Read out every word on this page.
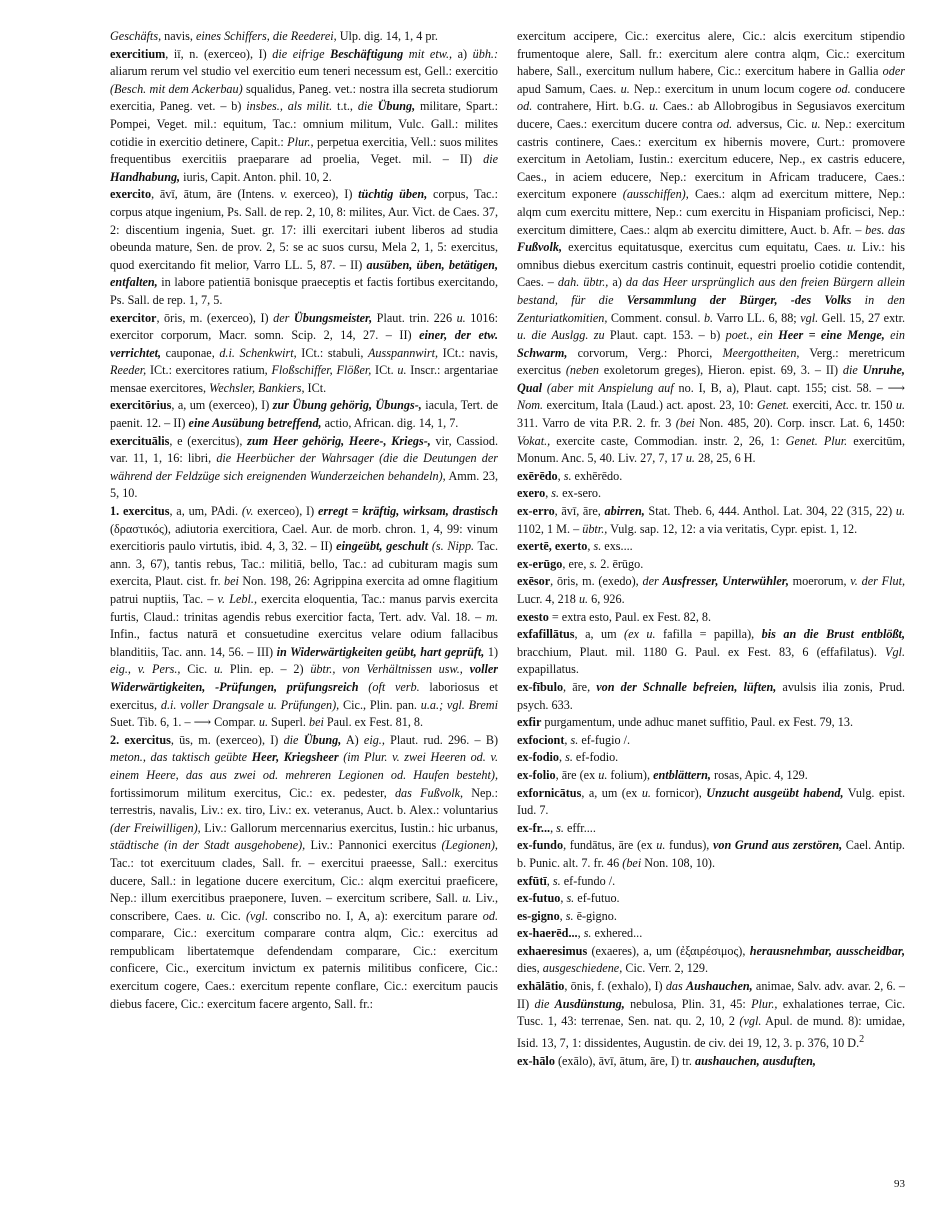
Geschäfts, navis, eines Schiffers, die Reederei, Ulp. dig. 14, 1, 4 pr.

exercitium, iī, n. (exerceo), I) die eifrige Beschäftigung mit etw., a) übh.: aliarum rerum vel studio vel exercitio eum teneri necessum est, Gell.: exercitio (Besch. mit dem Ackerbau) squalidus, Paneg. vet.: nostra illa secreta studiorum exercitia, Paneg. vet. – b) insbes., als milit. t.t., die Übung, militare, Spart.: Pompei, Veget. mil.: equitum, Tac.: omnium militum, Vulc. Gall.: milites cotidie in exercitio detinere, Capit.: Plur., perpetua exercitia, Vell.: suos milites frequentibus exercitiis praeparare ad proelia, Veget. mil. – II) die Handhabung, iuris, Capit. Anton. phil. 10, 2.

exercito, āvī, ātum, āre (Intens. v. exerceo), I) tüchtig üben, corpus, Tac.: corpus atque ingenium, Ps. Sall. de rep. 2, 10, 8: milites, Aur. Vict. de Caes. 37, 2: discentium ingenia, Suet. gr. 17: illi exercitari iubent liberos ad studia obeunda mature, Sen. de prov. 2, 5: se ac suos cursu, Mela 2, 1, 5: exercitus, quod exercitando fit melior, Varro LL. 5, 87. – II) ausüben, üben, betätigen, entfalten, in labore patientiā bonisque praeceptis et factis fortibus exercitando, Ps. Sall. de rep. 1, 7, 5.

exercitor, ōris, m. (exerceo), I) der Übungsmeister, Plaut. trin. 226 u. 1016: exercitor corporum, Macr. somn. Scip. 2, 14, 27. – II) einer, der etw. verrichtet, cauponae, d.i. Schenkwirt, ICt.: stabuli, Ausspannwirt, ICt.: navis, Reeder, ICt.: exercitores ratium, Floßschiffer, Flößer, ICt. u. Inscr.: argentariae mensae exercitores, Wechsler, Bankiers, ICt.

exercitōrius, a, um (exerceo), I) zur Übung gehörig, Übungs-, iacula, Tert. de paenit. 12. – II) eine Ausübung betreffend, actio, African. dig. 14, 1, 7.

exercituālis, e (exercitus), zum Heer gehörig, Heere-, Kriegs-, vir, Cassiod. var. 11, 1, 16: libri, die Heerbücher der Wahrsager (die die Deutungen der während der Feldzüge sich ereignenden Wunderzeichen behandeln), Amm. 23, 5, 10.

1. exercitus, a, um, PAdi. (v. exerceo), I) erregt = kräftig, wirksam, drastisch (δραστικός), adiutoria exercitiora, Cael. Aur. de morb. chron. 1, 4, 99: vinum exercitioris paulo virtutis, ibid. 4, 3, 32. – II) eingeübt, geschult (s. Nipp. Tac. ann. 3, 67), tantis rebus, Tac.: militiā, bello, Tac.: ad cubituram magis sum exercita, Plaut. cist. fr. bei Non. 198, 26: Agrippina exercita ad omne flagitium patrui nuptiis, Tac. – v. Lebl., exercita eloquentia, Tac.: manus parvis exercita furtis, Claud.: trinitas agendis rebus exercitior facta, Tert. adv. Val. 18. – m. Infin., factus naturā et consuetudine exercitus velare odium fallacibus blanditiis, Tac. ann. 14, 56. – III) in Widerwärtigkeiten geübt, hart geprüft, 1) eig., v. Pers., Cic. u. Plin. ep. – 2) übtr., von Verhältnissen usw., voller Widerwärtigkeiten, -Prüfungen, prüfungsreich (oft verb. laboriosus et exercitus, d.i. voller Drangsale u. Prüfungen), Cic., Plin. pan. u.a.; vgl. Bremi Suet. Tib. 6, 1. – ⟶ Compar. u. Superl. bei Paul. ex Fest. 81, 8.

2. exercitus, ūs, m. (exerceo), I) die Übung, A) eig., Plaut. rud. 296. – B) meton., das taktisch geübte Heer, Kriegsheer (im Plur. v. zwei Heeren od. v. einem Heere, das aus zwei od. mehreren Legionen od. Haufen besteht), fortissimorum militum exercitus, Cic.: ex. pedester, das Fußvolk, Nep.: terrestris, navalis, Liv.: ex. tiro, Liv.: ex. veteranus, Auct. b. Alex.: voluntarius (der Freiwilligen), Liv.: Gallorum mercennarius exercitus, Iustin.: hic urbanus, städtische (in der Stadt ausgehobene), Liv.: Pannonici exercitus (Legionen), Tac.: tot exercituum clades, Sall. fr. – exercitui praeesse, Sall.: exercitus ducere, Sall.: in legatione ducere exercitum, Cic.: alqm exercitui praeficere, Nep.: illum exercitibus praeponere, Iuven. – exercitum scribere, Sall. u. Liv., conscribere, Caes. u. Cic. (vgl. conscribo no. I, A, a): exercitum parare od. comparare, Cic.: exercitum comparare contra alqm, Cic.: exercitus ad rempublicam libertatemque defendendam comparare, Cic.: exercitum conficere, Cic., exercitum invictum ex paternis militibus conficere, Cic.: exercitum cogere, Caes.: exercitum repente conflare, Cic.: exercitum paucis diebus facere, Cic.: exercitum facere argento, Sall. fr.:

exercitum accipere, Cic.: exercitus alere, Cic.: alcis exercitum stipendio frumentoque alere, Sall. fr.: exercitum alere contra alqm, Cic.: exercitum habere, Sall., exercitum nullum habere, Cic.: exercitum habere in Gallia oder apud Samum, Caes. u. Nep.: exercitum in unum locum cogere od. conducere od. contrahere, Hirt. b.G. u. Caes.: ab Allobrogibus in Segusiavos exercitum ducere, Caes.: exercitum ducere contra od. adversus, Cic. u. Nep.: exercitum castris continere, Caes.: exercitum ex hibernis movere, Curt.: promovere exercitum in Aetoliam, Iustin.: exercitum educere, Nep., ex castris educere, Caes., in aciem educere, Nep.: exercitum in Africam traducere, Caes.: exercitum exponere (ausschiffen), Caes.: alqm ad exercitum mittere, Nep.: alqm cum exercitu mittere, Nep.: cum exercitu in Hispaniam proficisci, Nep.: exercitum dimittere, Caes.: alqm ab exercitu dimittere, Auct. b. Afr. – bes. das Fußvolk, exercitus equitatusque, exercitus cum equitatu, Caes. u. Liv.: his omnibus diebus exercitum castris continuit, equestri proelio cotidie contendit, Caes. – dah. übtr., a) da das Heer ursprünglich aus den freien Bürgern allein bestand, für die Versammlung der Bürger, -des Volks in den Zenturiatkomitien, Comment. consul. b. Varro LL. 6, 88; vgl. Gell. 15, 27 extr. u. die Auslgg. zu Plaut. capt. 153. – b) poet., ein Heer = eine Menge, ein Schwarm, corvorum, Verg.: Phorci, Meergottheiten, Verg.: meretricum exercitus (neben exoletorum greges), Hieron. epist. 69, 3. – II) die Unruhe, Qual (aber mit Anspielung auf no. I, B, a), Plaut. capt. 155; cist. 58. – ⟶ Nom. exercitum, Itala (Laud.) act. apost. 23, 10: Genet. exerciti, Acc. tr. 150 u. 311. Varro de vita P.R. 2. fr. 3 (bei Non. 485, 20). Corp. inscr. Lat. 6, 1450: Vokat., exercite caste, Commodian. instr. 2, 26, 1: Genet. Plur. exercitūm, Monum. Anc. 5, 40. Liv. 27, 7, 17 u. 28, 25, 6 H.

exērēdo, s. exhērēdo.

exero, s. ex-sero.

ex-erro, āvī, āre, abirren, Stat. Theb. 6, 444. Anthol. Lat. 304, 22 (315, 22) u. 1102, 1 M. – übtr., Vulg. sap. 12, 12: a via veritatis, Cypr. epist. 1, 12.

exertē, exerto, s. exs....

ex-erūgo, ere, s. 2. ērūgo.

exēsor, ōris, m. (exedo), der Ausfresser, Unterwühler, moerorum, v. der Flut, Lucr. 4, 218 u. 6, 926.

exesto = extra esto, Paul. ex Fest. 82, 8.

exfafillātus, a, um (ex u. fafilla = papilla), bis an die Brust entblößt, bracchium, Plaut. mil. 1180 G. Paul. ex Fest. 83, 6 (effafilatus). Vgl. expapillatus.

ex-fībulo, āre, von der Schnalle befreien, lüften, avulsis ilia zonis, Prud. psych. 633.

exfir purgamentum, unde adhuc manet suffitio, Paul. ex Fest. 79, 13.

exfociont, s. ef-fugio /.

ex-fodio, s. ef-fodio.

ex-folio, āre (ex u. folium), entblättern, rosas, Apic. 4, 129.

exfornicātus, a, um (ex u. fornicor), Unzucht ausgeübt habend, Vulg. epist. Iud. 7.

ex-fr..., s. effr....

ex-fundo, fundātus, āre (ex u. fundus), von Grund aus zerstören, Cael. Antip. b. Punic. alt. 7. fr. 46 (bei Non. 108, 10).

exfūtī, s. ef-fundo /.

ex-futuo, s. ef-futuo.

es-gigno, s. ē-gigno.

ex-haerēd..., s. exhered...

exhaeresimus (exaeres), a, um (ἐξαιρέσιμος), herausnehmbar, ausscheidbar, dies, ausgeschiedene, Cic. Verr. 2, 129.

exhālātio, ōnis, f. (exhalo), I) das Aushauchen, animae, Salv. adv. avar. 2, 6. – II) die Ausdünstung, nebulosa, Plin. 31, 45: Plur., exhalationes terrae, Cic. Tusc. 1, 43: terrenae, Sen. nat. qu. 2, 10, 2 (vgl. Apul. de mund. 8): umidae, Isid. 13, 7, 1: dissidentes, Augustin. de civ. dei 19, 12, 3. p. 376, 10 D.$^2$

ex-hālo (exālo), āvī, ātum, āre, I) tr. aushauchen, ausduften,

93
